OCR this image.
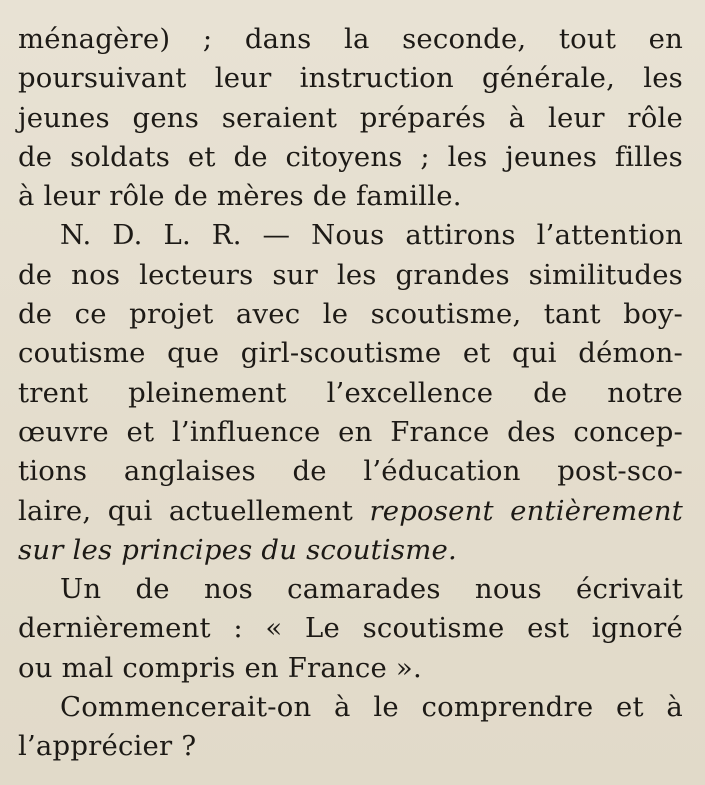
ménagère) ; dans la seconde, tout en
poursuivant leur instruction générale, les
jeunes gens seraient préparés à leur rôle
de soldats et de citoyens ; les jeunes filles
à leur rôle de mères de famille.
N. D. L. R. — Nous attirons l’attention
de nos lecteurs sur les grandes similitudes
de ce projet avec le scoutisme, tant boy-
coutisme que girl-scoutisme et qui démon-
trent pleinement l’excellence de notre
œuvre et l’influence en France des concep-
tions anglaises de l’éducation post-sco-
laire, qui actuellement reposent entièrement
sur les principes du scoutisme.
Un de nos camarades nous écrivait
dernièrement : « Le scoutisme est ignoré
ou mal compris en France ».
Commencerait-on à le comprendre et à
l’apprécier ?
